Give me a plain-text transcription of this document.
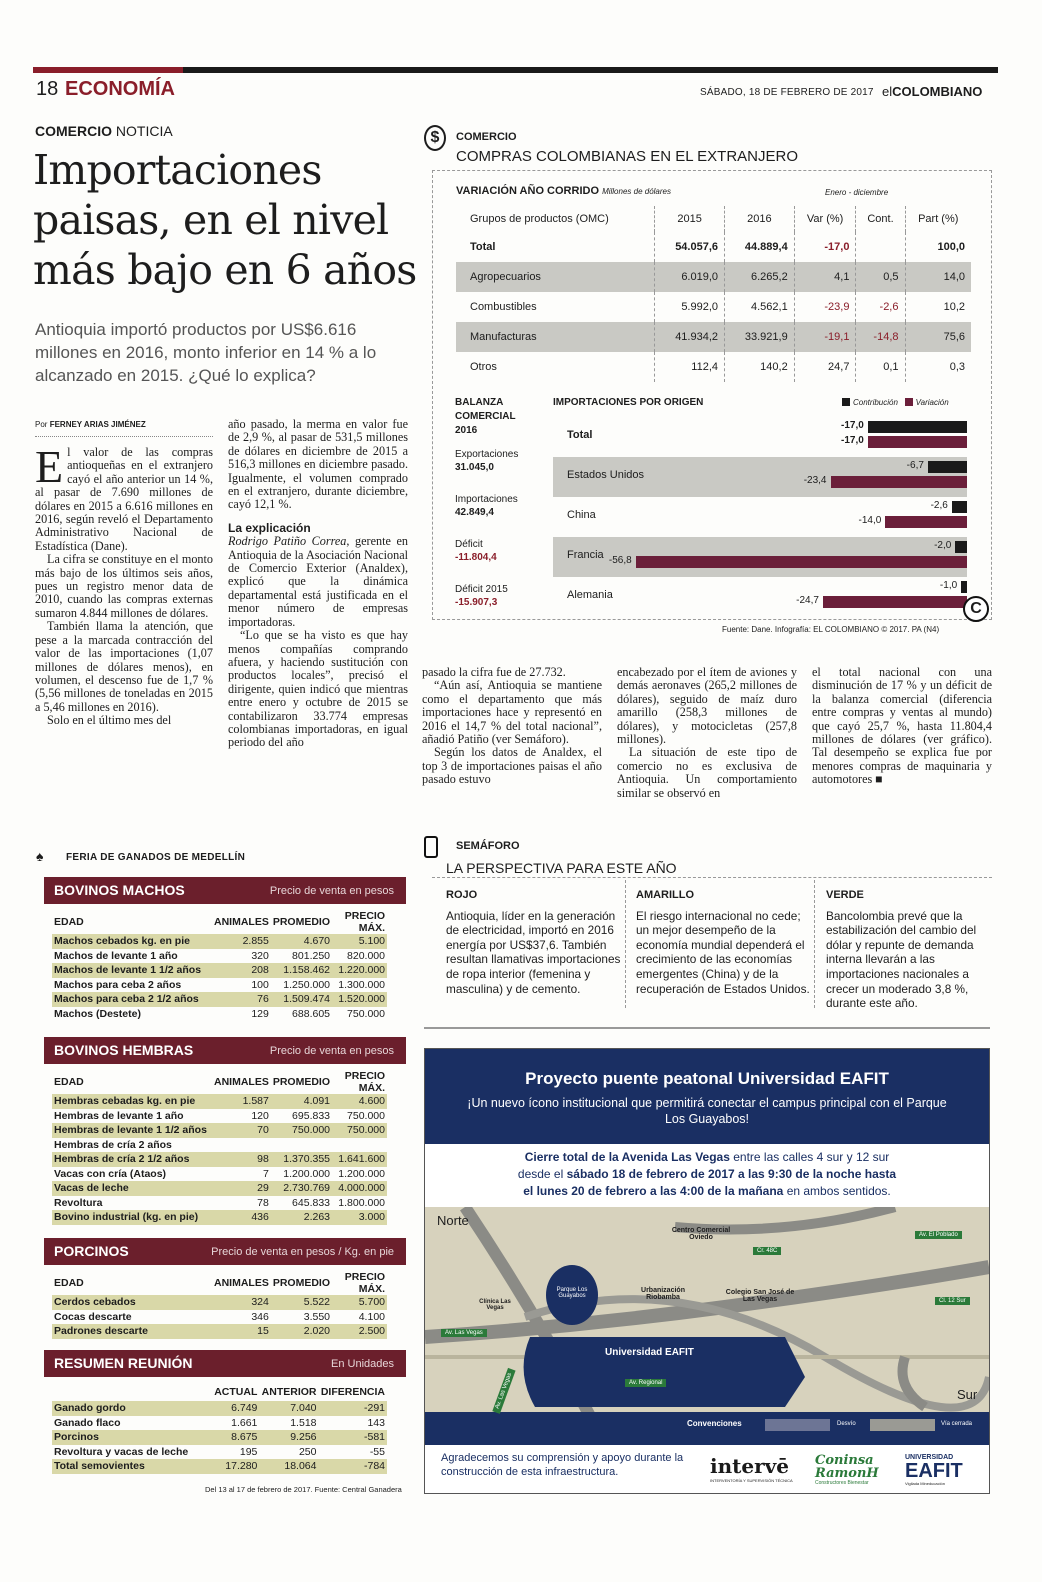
18 ECONOMÍA	SÁBADO, 18 DE FEBRERO DE 2017 elCOLOMBIANO
COMERCIO NOTICIA
Importaciones paisas, en el nivel más bajo en 6 años
Antioquia importó productos por US$6.616 millones en 2016, monto inferior en 14 % a lo alcanzado en 2015. ¿Qué lo explica?
Por FERNEY ARIAS JIMÉNEZ

El valor de las compras antioqueñas en el extranjero cayó el año anterior un 14 %, al pasar de 7.690 millones de dólares en 2015 a 6.616 millones en 2016, según reveló el Departamento Administrativo Nacional de Estadística (Dane).

La cifra se constituye en el monto más bajo de los últimos seis años, pues un registro menor data de 2010, cuando las compras externas sumaron 4.844 millones de dólares.

También llama la atención, que pese a la marcada contracción del valor de las importaciones (1,07 millones de dólares menos), en volumen, el descenso fue de 1,7 % (5,56 millones de toneladas en 2015 a 5,46 millones en 2016).

Solo en el último mes del

año pasado, la merma en valor fue de 2,9 %, al pasar de 531,5 millones de dólares en diciembre de 2015 a 516,3 millones en diciembre pasado. Igualmente, el volumen comprado en el extranjero, durante diciembre, cayó 12,1 %.

La explicación

Rodrigo Patiño Correa, gerente en Antioquia de la Asociación Nacional de Comercio Exterior (Analdex), explicó que la dinámica departamental está justificada en el menor número de empresas importadoras.

“Lo que se ha visto es que hay menos compañías comprando afuera, y haciendo sustitución con productos locales”, precisó el dirigente, quien indicó que mientras entre enero y octubre de 2015 se contabilizaron 33.774 empresas colombianas importadoras, en igual periodo del año

pasado la cifra fue de 27.732.

“Aún así, Antioquia se mantiene como el departamento que más importaciones hace y representó en 2016 el 14,7 % del total nacional”, añadió Patiño (ver Semáforo).

Según los datos de Analdex, el top 3 de importaciones paisas el año pasado estuvo

encabezado por el ítem de aviones y demás aeronaves (265,2 millones de dólares), seguido de maíz duro amarillo (258,3 millones de dólares), y motocicletas (257,8 millones).

La situación de este tipo de comercio no es exclusiva de Antioquia. Un comportamiento similar se observó en

el total nacional con una disminución de 17 % y un déficit de la balanza comercial (diferencia entre compras y ventas al mundo) que cayó 25,7 %, hasta 11.804,4 millones de dólares (ver gráfico). Tal desempeño se explica fue por menores compras de maquinaria y automotores ■

$	COMERCIO
COMPRAS COLOMBIANAS EN EL EXTRANJERO
VARIACIÓN AÑO CORRIDO Millones de dólares	Enero - diciembre
Grupos de productos (OMC)	2015	2016	Var (%)	Cont.	Part (%)
Total	54.057,6	44.889,4	-17,0		100,0
Agropecuarios	6.019,0	6.265,2	4,1	0,5	14,0
Combustibles	5.992,0	4.562,1	-23,9	-2,6	10,2
Manufacturas	41.934,2	33.921,9	-19,1	-14,8	75,6
Otros	112,4	140,2	24,7	0,1	0,3
BALANZA COMERCIAL 2016
Exportaciones
31.045,0
Importaciones
42.849,4
Déficit
-11.804,4
Déficit 2015
-15.907,3
IMPORTACIONES POR ORIGEN	Contribución Variación
Total
-17,0
-17,0
Estados Unidos
-6,7
-23,4
China
-2,6
-14,0
Francia
-2,0
-56,8
Alemania
-1,0
-24,7
Fuente: Dane. Infografía: EL COLOMBIANO © 2017. PA (N4)
C
♠ FERIA DE GANADOS DE MEDELLÍN
BOVINOS MACHOS	Precio de venta en pesos
EDAD	ANIMALES	PROMEDIO	PRECIO MÁX.
Machos cebados kg. en pie	2.855	4.670	5.100
Machos de levante 1 año	320	801.250	820.000
Machos de levante 1 1/2 años	208	1.158.462	1.220.000
Machos para ceba 2 años	100	1.250.000	1.300.000
Machos para ceba 2 1/2 años	76	1.509.474	1.520.000
Machos (Destete)	129	688.605	750.000
BOVINOS HEMBRAS	Precio de venta en pesos
EDAD	ANIMALES	PROMEDIO	PRECIO MÁX.
Hembras cebadas kg. en pie	1.587	4.091	4.600
Hembras de levante 1 año	120	695.833	750.000
Hembras de levante 1 1/2 años	70	750.000	750.000
Hembras de cría 2 años			
Hembras de cría 2 1/2 años	98	1.370.355	1.641.600
Vacas con cría (Ataos)	7	1.200.000	1.200.000
Vacas de leche	29	2.730.769	4.000.000
Revoltura	78	645.833	1.800.000
Bovino industrial (kg. en pie)	436	2.263	3.000
PORCINOS	Precio de venta en pesos / Kg. en pie
EDAD	ANIMALES	PROMEDIO	PRECIO MÁX.
Cerdos cebados	324	5.522	5.700
Cocas descarte	346	3.550	4.100
Padrones descarte	15	2.020	2.500
RESUMEN REUNIÓN	En Unidades
	ACTUAL	ANTERIOR	DIFERENCIA
Ganado gordo	6.749	7.040	-291
Ganado flaco	1.661	1.518	143
Porcinos	8.675	9.256	-581
Revoltura y vacas de leche	195	250	-55
Total semovientes	17.280	18.064	-784
Del 13 al 17 de febrero de 2017. Fuente: Central Ganadera
SEMÁFORO
LA PERSPECTIVA PARA ESTE AÑO
ROJO
Antioquia, líder en la generación de electricidad, importó en 2016 energía por US$37,6. También resultan llamativas importaciones de ropa interior (femenina y masculina) y de cemento.
AMARILLO
El riesgo internacional no cede; un mejor desempeño de la economía mundial dependerá el crecimiento de las economías emergentes (China) y de la recuperación de Estados Unidos.
VERDE
Bancolombia prevé que la estabilización del cambio del dólar y repunte de demanda interna llevarán a las importaciones nacionales a crecer un moderado 3,8 %, durante este año.
Proyecto puente peatonal Universidad EAFIT

¡Un nuevo ícono institucional que permitirá conectar el campus principal con el Parque Los Guayabos!

Cierre total de la Avenida Las Vegas entre las calles 4 sur y 12 sur
desde el sábado 18 de febrero de 2017 a las 9:30 de la noche hasta
el lunes 20 de febrero a las 4:00 de la mañana en ambos sentidos.
Norte
Sur
Centro Comercial Oviedo
Parque Los Guayabos
Urbanización Riobamba
Colegio San José de Las Vegas
Clínica Las Vegas
Universidad EAFIT
Av. El Poblado
Cl. 12 Sur
Av. Las Vegas
Av. Regional
Cr. 48C
Av. Las Vegas
Convenciones	Desvío	Vía cerrada
Agradecemos su comprensión y apoyo durante la construcción de esta infraestructura.	intervē
INTERVENTORÍA Y SUPERVISIÓN TÉCNICA
Coninsa RamonH
Constructores Bienestar
UNIVERSIDAD
EAFIT
Vigilada Mineducación
